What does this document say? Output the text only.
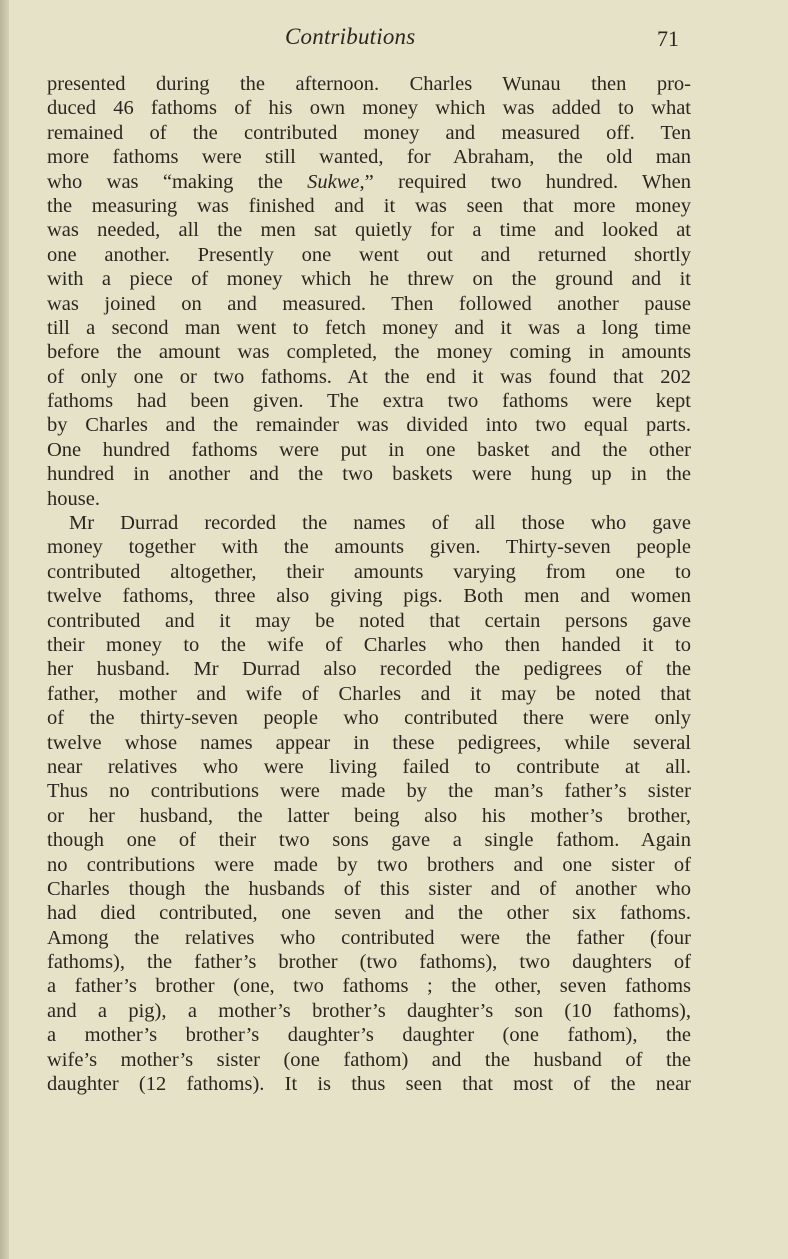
Contributions	71
presented during the afternoon. Charles Wunau then pro-
duced 46 fathoms of his own money which was added to what
remained of the contributed money and measured off. Ten
more fathoms were still wanted, for Abraham, the old man
who was “making the Sukwe,” required two hundred. When
the measuring was finished and it was seen that more money
was needed, all the men sat quietly for a time and looked at
one another. Presently one went out and returned shortly
with a piece of money which he threw on the ground and it
was joined on and measured. Then followed another pause
till a second man went to fetch money and it was a long time
before the amount was completed, the money coming in amounts
of only one or two fathoms. At the end it was found that 202
fathoms had been given. The extra two fathoms were kept
by Charles and the remainder was divided into two equal parts.
One hundred fathoms were put in one basket and the other
hundred in another and the two baskets were hung up in the
house.
Mr Durrad recorded the names of all those who gave
money together with the amounts given. Thirty-seven people
contributed altogether, their amounts varying from one to
twelve fathoms, three also giving pigs. Both men and women
contributed and it may be noted that certain persons gave
their money to the wife of Charles who then handed it to
her husband. Mr Durrad also recorded the pedigrees of the
father, mother and wife of Charles and it may be noted that
of the thirty-seven people who contributed there were only
twelve whose names appear in these pedigrees, while several
near relatives who were living failed to contribute at all.
Thus no contributions were made by the man’s father’s sister
or her husband, the latter being also his mother’s brother,
though one of their two sons gave a single fathom. Again
no contributions were made by two brothers and one sister of
Charles though the husbands of this sister and of another who
had died contributed, one seven and the other six fathoms.
Among the relatives who contributed were the father (four
fathoms), the father’s brother (two fathoms), two daughters of
a father’s brother (one, two fathoms ; the other, seven fathoms
and a pig), a mother’s brother’s daughter’s son (10 fathoms),
a mother’s brother’s daughter’s daughter (one fathom), the
wife’s mother’s sister (one fathom) and the husband of the
daughter (12 fathoms). It is thus seen that most of the near
